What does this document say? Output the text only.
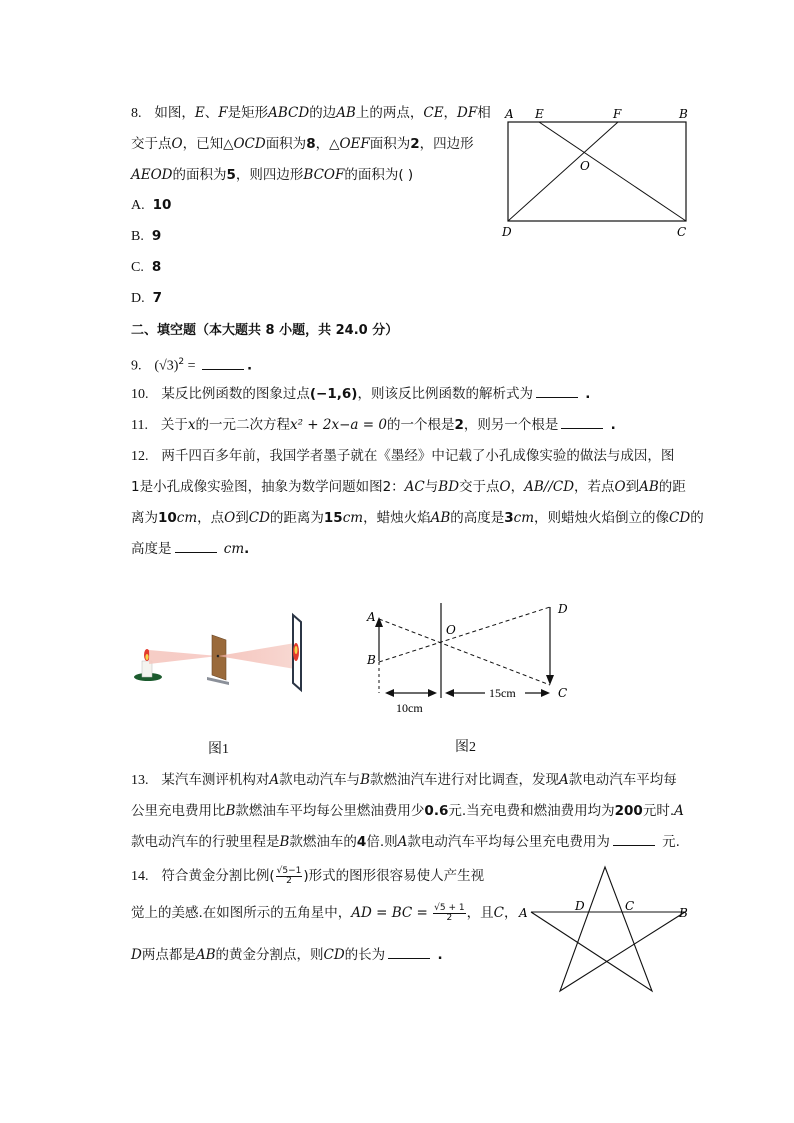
8. 如图，E、F是矩形ABCD的边AB上的两点，CE，DF相
交于点O，已知△OCD面积为8，△OEF面积为2，四边形
AEOD的面积为5，则四边形BCOF的面积为( )
A. 10
B. 9
C. 8
D. 7
A E	F	B
O
D	C
二、填空题（本大题共 8 小题，共 24.0 分）
9. $(√3)^2$ =	.
10. 某反比例函数的图象过点(−1,6)，则该反比例函数的解析式为	.
11. 关于x的一元二次方程x² + 2x−a = 0的一个根是2，则另一个根是	.
12. 两千四百多年前，我国学者墨子就在《墨经》中记载了小孔成像实验的做法与成因，图
1是小孔成像实验图，抽象为数学问题如图2：AC与BD交于点O，AB//CD，若点O到AB的距
离为10cm，点O到CD的距离为15cm，蜡烛火焰AB的高度是3cm，则蜡烛火焰倒立的像CD的
高度是	cm.
图1
A
B
O
D
C
10cm
15cm
图2
13. 某汽车测评机构对A款电动汽车与B款燃油汽车进行对比调查，发现A款电动汽车平均每
公里充电费用比B款燃油车平均每公里燃油费用少0.6元.当充电费和燃油费用均为200元时.A
款电动汽车的行驶里程是B款燃油车的4倍.则A款电动汽车平均每公里充电费用为	元.
14. 符合黄金分割比例( $\frac{√5-1}{2}$ )形式的图形很容易使人产生视
觉上的美感.在如图所示的五角星中，AD = BC = $\frac{√5 + 1}{2}$ ，且C，
D两点都是AB的黄金分割点，则CD的长为	.
A	D	C	B
